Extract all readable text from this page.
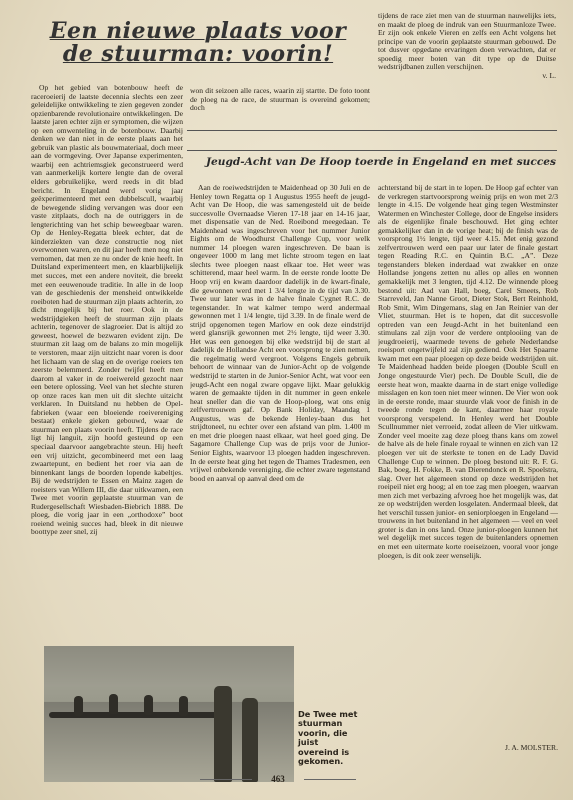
Een nieuwe plaats voor de stuurman: voorin!

Op het gebied van botenbouw heeft de raceroeierij de laatste decennia slechts een zeer geleidelijke ontwikkeling te zien gegeven zonder opzienbarende revolutionaire ontwikkelingen. De laatste jaren echter zijn er symptomen, die wijzen op een omwenteling in de botenbouw. Daarbij denken we dan niet in de eerste plaats aan het gebruik van plastic als bouwmateriaal, doch meer aan de vormgeving. Over Japanse experimenten, waarbij een achtriemsgiek geconstrueerd werd van aanmerkelijk kortere lengte dan de overal elders gebruikelijke, werd reeds in dit blad bericht. In Engeland werd vorig jaar geëxperimenteerd met een dubbelscull, waarbij de bewegende sliding vervangen was door een vaste zitplaats, doch na de outriggers in de lengterichting van het schip beweegbaar waren. Op de Henley-Regatta bleek echter, dat de kinderziekten van deze constructie nog niet overwonnen waren, en dit jaar heeft men nog niet vernomen, dat men ze nu onder de knie heeft. In Duitsland experimenteert men, en klaarblijkelijk met succes, met een andere noviteit, die breekt met een eeuwenoude traditie. In alle in de loop van de geschiedenis der mensheid ontwikkelde roeiboten had de stuurman zijn plaats achterin, zo dicht mogelijk bij het roer. Ook in de wedstrijdgieken heeft de stuurman zijn plaats achterin, tegenover de slagroeier. Dat is altijd zo geweest, hoewel de bezwaren evident zijn. De stuurman zit laag om de balans zo min mogelijk te verstoren, maar zijn uitzicht naar voren is door het lichaam van de slag en de overige roeiers ten zeerste belemmerd. Zonder twijfel heeft men daarom al vaker in de roeiwereld gezocht naar een betere oplossing. Veel van het slechte sturen op onze races kan men uit dit slechte uitzicht verklaren. In Duitsland nu hebben de Opel-fabrieken (waar een bloeiende roeivereniging bestaat) enkele gieken gebouwd, waar de stuurman een plaats voorin heeft. Tijdens de race ligt hij languit, zijn hoofd gesteund op een speciaal daarvoor aangebrachte steun. Hij heeft een vrij uitzicht, gecombineerd met een laag zwaartepunt, en bedient het roer via aan de binnenkant langs de boorden lopende kabeltjes. Bij de wedstrijden te Essen en Mainz zagen de roeisters van Willem III, die daar uitkwamen, een Twee met voorin geplaatste stuurman van de Rudergesellschaft Wiesbaden-Biebrich 1888. De ploeg, die vorig jaar in een „orthodoxe” boot roeiend weinig succes had, bleek in dit nieuwe boottype zeer snel, zij

won dit seizoen alle races, waarin zij startte. De foto toont de ploeg na de race, de stuurman is overeind gekomen; doch

tijdens de race ziet men van de stuurman nauwelijks iets, en maakt de ploeg de indruk van een Stuurmanloze Twee. Er zijn ook enkele Vieren en zelfs een Acht volgens het principe van de voorin geplaatste stuurman gebouwd. De tot dusver opgedane ervaringen doen verwachten, dat er spoedig meer boten van dit type op de Duitse wedstrijdbanen zullen verschijnen.

v. L.

Jeugd-Acht van De Hoop toerde in Engeland en met succes

Aan de roeiwedstrijden te Maidenhead op 30 Juli en de Henley town Regatta op 1 Augustus 1955 heeft de jeugd-Acht van De Hoop, die was samengesteld uit de beide succesvolle Overnaadse Vieren 17-18 jaar en 14-16 jaar, met dispensatie van de Ned. Roeibond meegedaan. Te Maidenhead was ingeschreven voor het nummer Junior Eights om de Woodhurst Challenge Cup, voor welk nummer 14 ploegen waren ingeschreven. De baan is ongeveer 1000 m lang met lichte stroom tegen en laat slechts twee ploegen naast elkaar toe. Het weer was schitterend, maar heel warm. In de eerste ronde lootte De Hoop vrij en kwam daardoor dadelijk in de kwart-finale, die gewonnen werd met 1 3/4 lengte in de tijd van 3.30. Twee uur later was in de halve finale Cygnet R.C. de tegenstander. In wat kalmer tempo werd andermaal gewonnen met 1 1/4 lengte, tijd 3.39. In de finale werd de strijd opgenomen tegen Marlow en ook deze eindstrijd werd glansrijk gewonnen met 2½ lengte, tijd weer 3.30. Het was een genoegen bij elke wedstrijd bij de start al dadelijk de Hollandse Acht een voorsprong te zien nemen, die regelmatig werd vergroot. Volgens Engels gebruik behoort de winnaar van de Junior-Acht op de volgende wedstrijd te starten in de Junior-Senior Acht, wat voor een jeugd-Acht een nogal zware opgave lijkt. Maar gelukkig waren de gemaakte tijden in dit nummer in geen enkele heat sneller dan die van de Hoop-ploeg, wat ons enig zelfvertrouwen gaf. Op Bank Holiday, Maandag 1 Augustus, was de bekende Henley-baan dus het strijdtoneel, nu echter over een afstand van plm. 1.400 m en met drie ploegen naast elkaar, wat heel goed ging. De Sagamore Challenge Cup was de prijs voor de Junior-Senior Eights, waarvoor 13 ploegen hadden ingeschreven. In de eerste heat ging het tegen de Thames Tradesmen, een vrijwel onbekende vereniging, die echter zware tegenstand bood en aanval op aanval deed om de

achterstand bij de start in te lopen. De Hoop gaf echter van de verkregen startvoorsprong weinig prijs en won met 2/3 lengte in 4.15. De volgende heat ging tegen Westminster Watermen en Winchester College, door de Engelse insiders als de eigenlijke finale beschouwd. Het ging echter gemakkelijker dan in de vorige heat; bij de finish was de voorsprong 1½ lengte, tijd weer 4.15. Met enig gezond zelfvertrouwen werd een paar uur later de finale gestart tegen Reading R.C. en Quintin B.C. „A”. Deze tegenstanders bleken inderdaad wat zwakker en onze Hollandse jongens zetten nu alles op alles en wonnen gemakkelijk met 3 lengten, tijd 4.12. De winnende ploeg bestond uit: Aad van Hall, boeg, Carel Smeets, Rob Starreveld, Jan Nanne Groot, Dieter Stok, Bert Reinhold, Rob Smit, Wim Dingemans, slag en Jan Reinier van der Vliet, stuurman. Het is te hopen, dat dit succesvolle optreden van een Jeugd-Acht in het buitenland een stimulans zal zijn voor de verdere ontplooiing van de jeugdroeierij, waarmede tevens de gehele Nederlandse roeisport ongetwijfeld zal zijn gediend. Ook Het Spaarne kwam met een paar ploegen op deze beide wedstrijden uit. Te Maidenhead hadden beide ploegen (Double Scull en Jonge ongestuurde Vier) pech. De Double Scull, die de eerste heat won, maakte daarna in de start enige volledige misslagen en kon toen niet meer winnen. De Vier won ook in de eerste ronde, maar stuurde vlak voor de finish in de tweede ronde tegen de kant, daarmee haar royale voorsprong verspelend. In Henley werd het Double Scullnummer niet verroeid, zodat alleen de Vier uitkwam. Zonder veel moeite zag deze ploeg thans kans om zowel de halve als de hele finale royaal te winnen en zich van 12 ploegen ver uit de sterkste te tonen en de Lady David Challenge Cup te winnen. De ploeg bestond uit: R. F. G. Bak, boeg, H. Fokke, B. van Dierendonck en R. Spoelstra, slag. Over het algemeen stond op deze wedstrijden het roeipeil niet erg hoog; al en toe zag men ploegen, waarvan men zich met verbazing afvroeg hoe het mogelijk was, dat ze op wedstrijden werden losgelaten. Andermaal bleek, dat het verschil tussen junior- en seniorploegen in Engeland — trouwens in het buitenland in het algemeen — veel en veel groter is dan in ons land. Onze junior-ploegen kunnen het wel degelijk met succes tegen de buitenlanders opnemen en met een uitermate korte roeiseizoen, vooral voor jonge ploegen, is dit ook zeer wenselijk.

J. A. MOLSTER.
De Twee met stuurman voorin, die juist overeind is gekomen.
463
